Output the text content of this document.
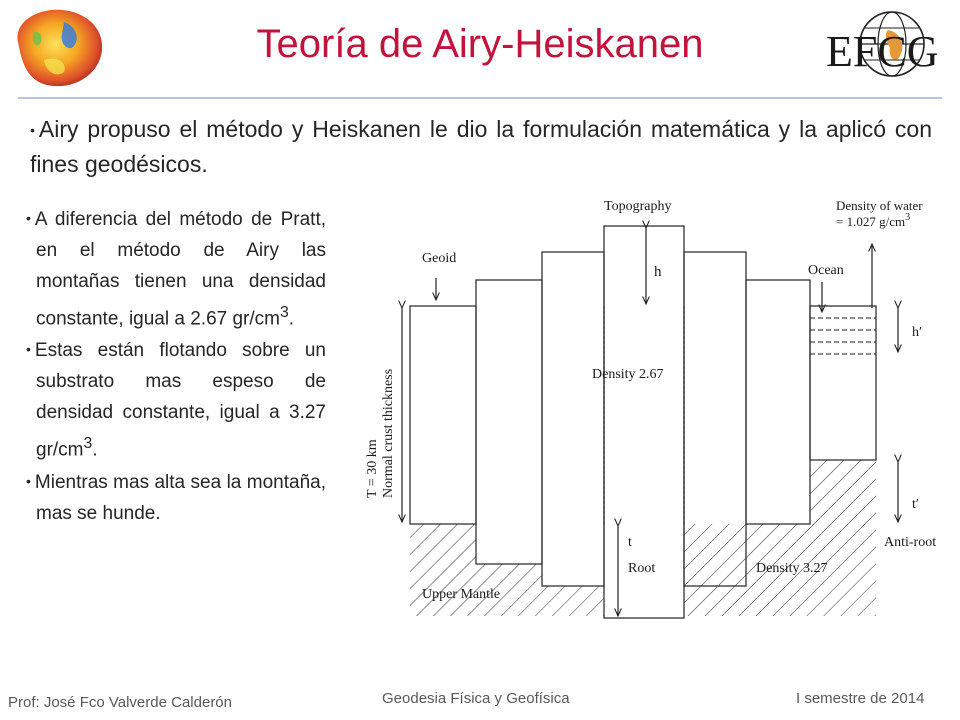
EFCG
Teoría de Airy-Heiskanen
• Airy propuso el método y Heiskanen le dio la formulación matemática y la aplicó con fines geodésicos.

• A diferencia del método de Pratt, en el método de Airy las montañas tienen una densidad constante, igual a 2.67 $gr/cm^3$.

• Estas están flotando sobre un substrato mas espeso de densidad constante, igual a 3.27 $gr/cm^3$.

• Mientras mas alta sea la montaña, mas se hunde.

Topography
Geoid
h
Density of water
= 1.027 $g/cm^3$
Ocean
h′
Density 2.67
t′
Anti-root
t
Root	Density 3.27
Upper Mantle
T = 30 km Normal crust thickness
Prof: José Fco Valverde Calderón	Geodesia Física y Geofísica	I semestre de 2014
